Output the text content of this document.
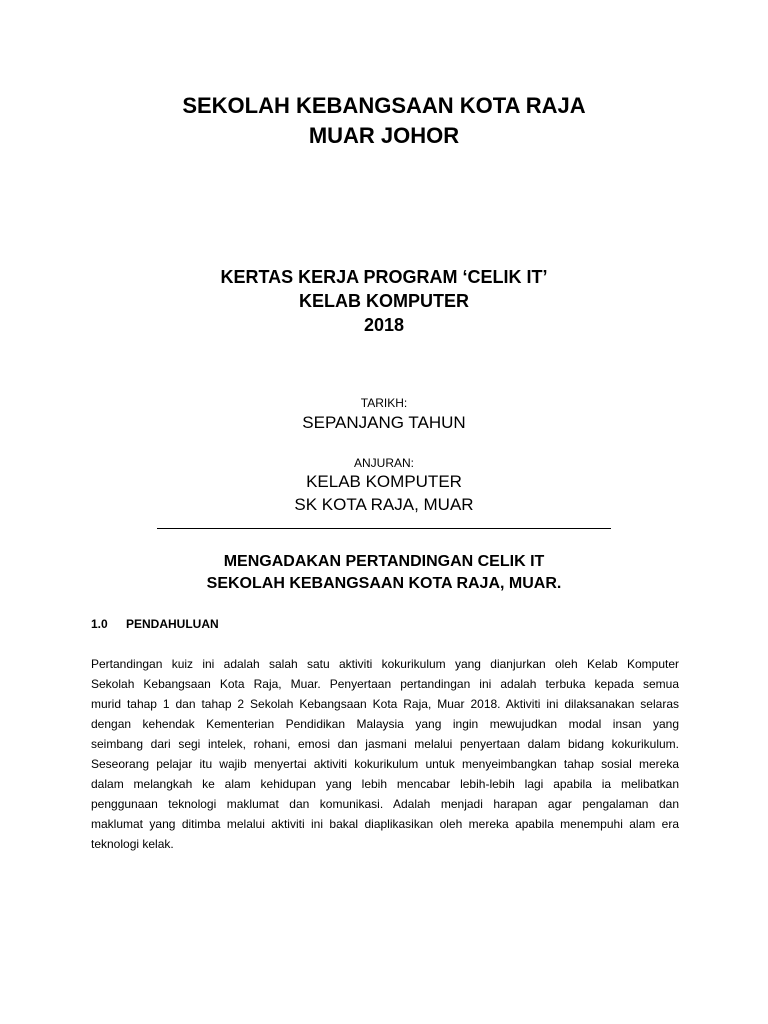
SEKOLAH KEBANGSAAN KOTA RAJA
MUAR JOHOR
KERTAS KERJA PROGRAM ‘CELIK IT’
KELAB KOMPUTER
2018
TARIKH:
SEPANJANG TAHUN
ANJURAN:
KELAB KOMPUTER
SK KOTA RAJA, MUAR
MENGADAKAN PERTANDINGAN CELIK IT
SEKOLAH KEBANGSAAN KOTA RAJA, MUAR.
1.0 PENDAHULUAN
Pertandingan kuiz ini adalah salah satu aktiviti kokurikulum yang dianjurkan oleh Kelab Komputer
Sekolah Kebangsaan Kota Raja, Muar. Penyertaan pertandingan ini adalah terbuka kepada semua
murid tahap 1 dan tahap 2 Sekolah Kebangsaan Kota Raja, Muar 2018. Aktiviti ini dilaksanakan selaras
dengan kehendak Kementerian Pendidikan Malaysia yang ingin mewujudkan modal insan yang
seimbang dari segi intelek, rohani, emosi dan jasmani melalui penyertaan dalam bidang kokurikulum.
Seseorang pelajar itu wajib menyertai aktiviti kokurikulum untuk menyeimbangkan tahap sosial mereka
dalam melangkah ke alam kehidupan yang lebih mencabar lebih-lebih lagi apabila ia melibatkan
penggunaan teknologi maklumat dan komunikasi. Adalah menjadi harapan agar pengalaman dan
maklumat yang ditimba melalui aktiviti ini bakal diaplikasikan oleh mereka apabila menempuhi alam era
teknologi kelak.
